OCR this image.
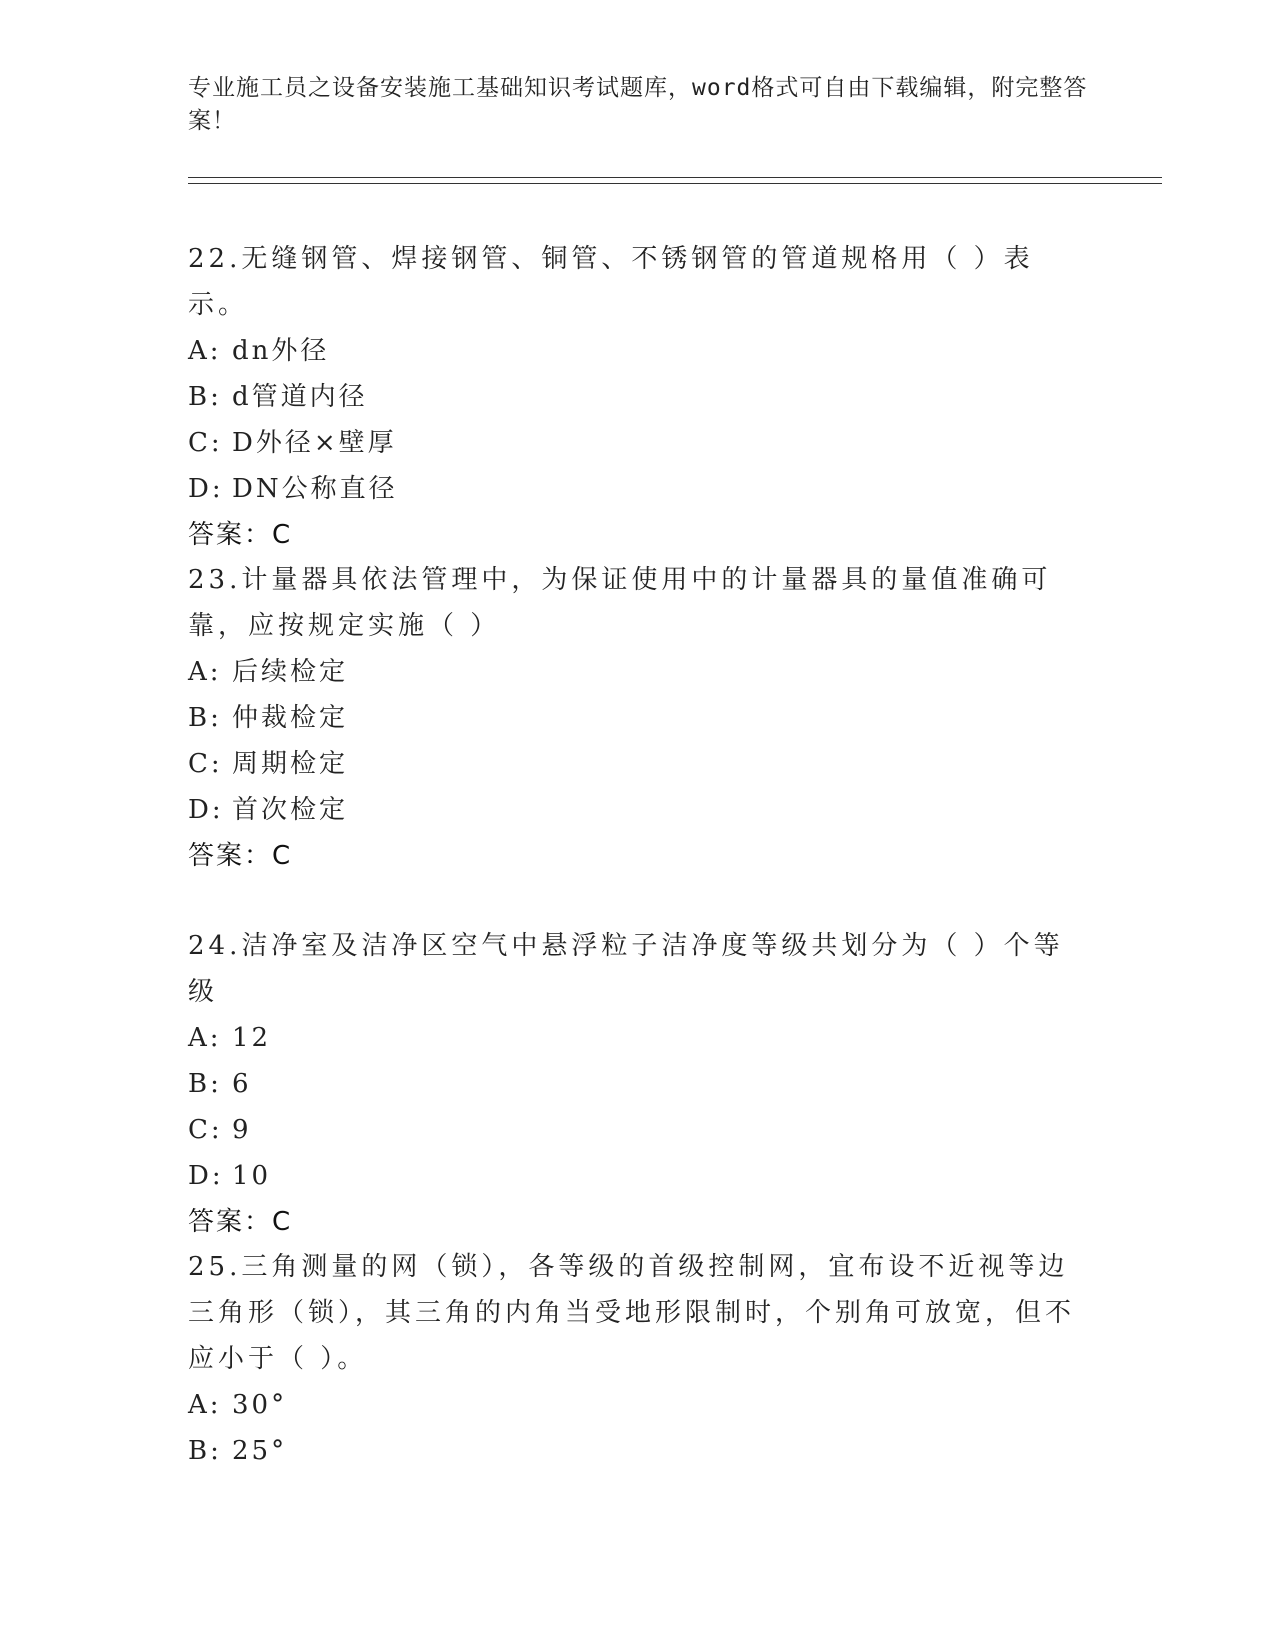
专业施工员之设备安装施工基础知识考试题库，word格式可自由下载编辑，附完整答案！

22.无缝钢管、焊接钢管、铜管、不锈钢管的管道规格用（ ）表示。

A: dn外径

B: d管道内径

C: D外径×壁厚

D: DN公称直径

答案：C

23.计量器具依法管理中，为保证使用中的计量器具的量值准确可靠，应按规定实施（ ）

A: 后续检定

B: 仲裁检定

C: 周期检定

D: 首次检定

答案：C

24.洁净室及洁净区空气中悬浮粒子洁净度等级共划分为（ ）个等级

A: 12

B: 6

C: 9

D: 10

答案：C

25.三角测量的网（锁），各等级的首级控制网，宜布设不近视等边三角形（锁），其三角的内角当受地形限制时，个别角可放宽，但不应小于（ ）。

A: 30°

B: 25°
